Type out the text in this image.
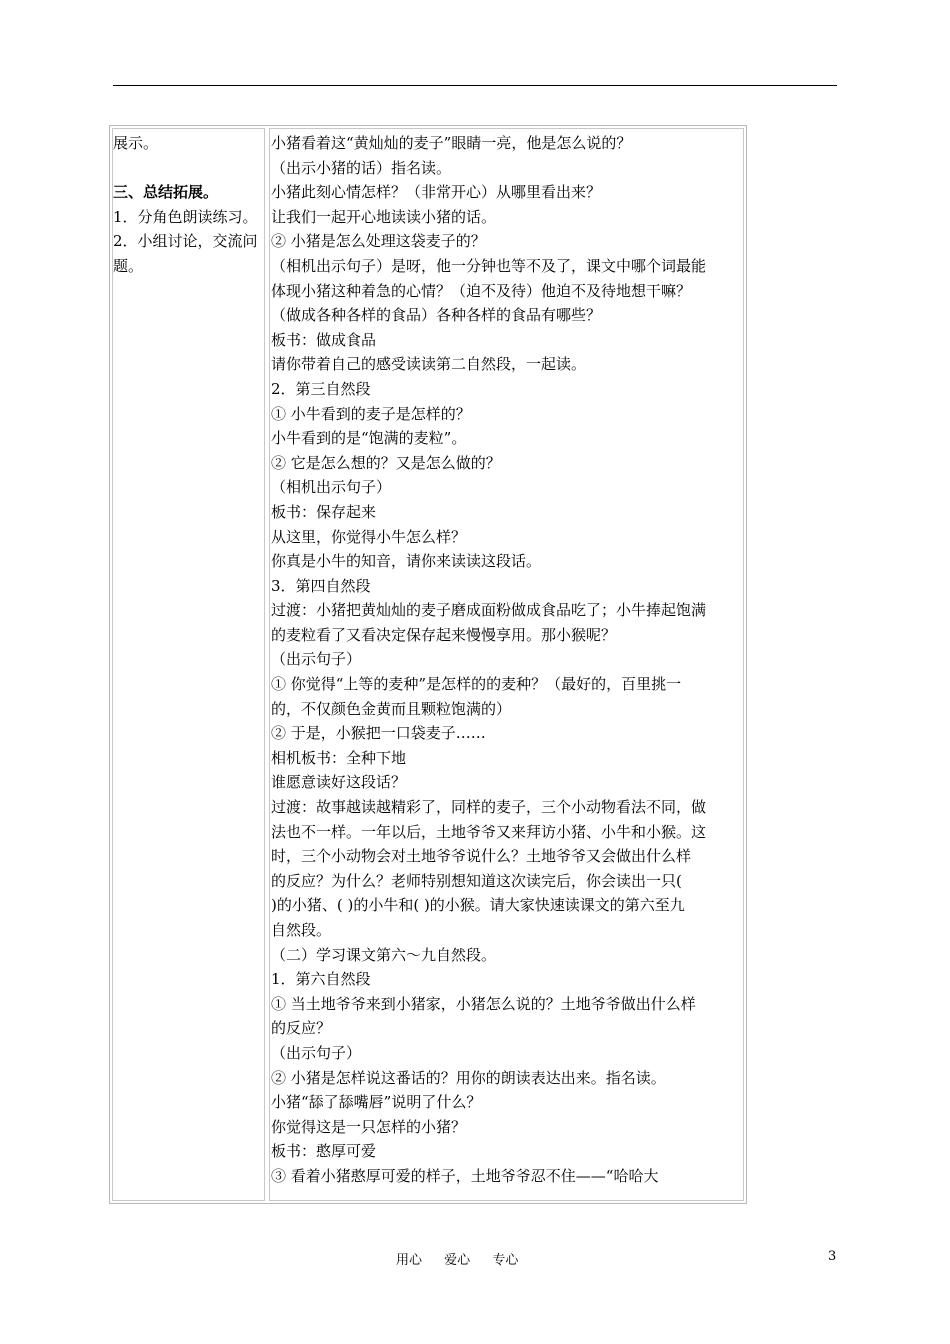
展示。

三、总结拓展。
1．分角色朗读练习。
2．小组讨论，交流问
题。
小猪看着这“黄灿灿的麦子”眼睛一亮，他是怎么说的？
（出示小猪的话）指名读。
小猪此刻心情怎样？（非常开心）从哪里看出来？
让我们一起开心地读读小猪的话。
② 小猪是怎么处理这袋麦子的？
（相机出示句子）是呀，他一分钟也等不及了，课文中哪个词最能
体现小猪这种着急的心情？（迫不及待）他迫不及待地想干嘛？
（做成各种各样的食品）各种各样的食品有哪些？
板书：做成食品
请你带着自己的感受读读第二自然段，一起读。
2．第三自然段
① 小牛看到的麦子是怎样的？
小牛看到的是“饱满的麦粒”。
② 它是怎么想的？又是怎么做的？
（相机出示句子）
板书：保存起来
从这里，你觉得小牛怎么样？
你真是小牛的知音，请你来读读这段话。
3．第四自然段
过渡：小猪把黄灿灿的麦子磨成面粉做成食品吃了；小牛捧起饱满
的麦粒看了又看决定保存起来慢慢享用。那小猴呢？
（出示句子）
① 你觉得“上等的麦种”是怎样的的麦种？（最好的，百里挑一
的，不仅颜色金黄而且颗粒饱满的）
② 于是，小猴把一口袋麦子……
相机板书：全种下地
谁愿意读好这段话？
过渡：故事越读越精彩了，同样的麦子，三个小动物看法不同，做
法也不一样。一年以后，土地爷爷又来拜访小猪、小牛和小猴。这
时，三个小动物会对土地爷爷说什么？土地爷爷又会做出什么样
的反应？为什么？老师特别想知道这次读完后，你会读出一只(
)的小猪、( )的小牛和( )的小猴。请大家快速读课文的第六至九
自然段。
（二）学习课文第六～九自然段。
1．第六自然段
① 当土地爷爷来到小猪家，小猪怎么说的？土地爷爷做出什么样
的反应？
（出示句子）
② 小猪是怎样说这番话的？用你的朗读表达出来。指名读。
小猪“舔了舔嘴唇”说明了什么？
你觉得这是一只怎样的小猪？
板书：憨厚可爱
③ 看着小猪憨厚可爱的样子，土地爷爷忍不住——“哈哈大
用心 爱心 专心	3
